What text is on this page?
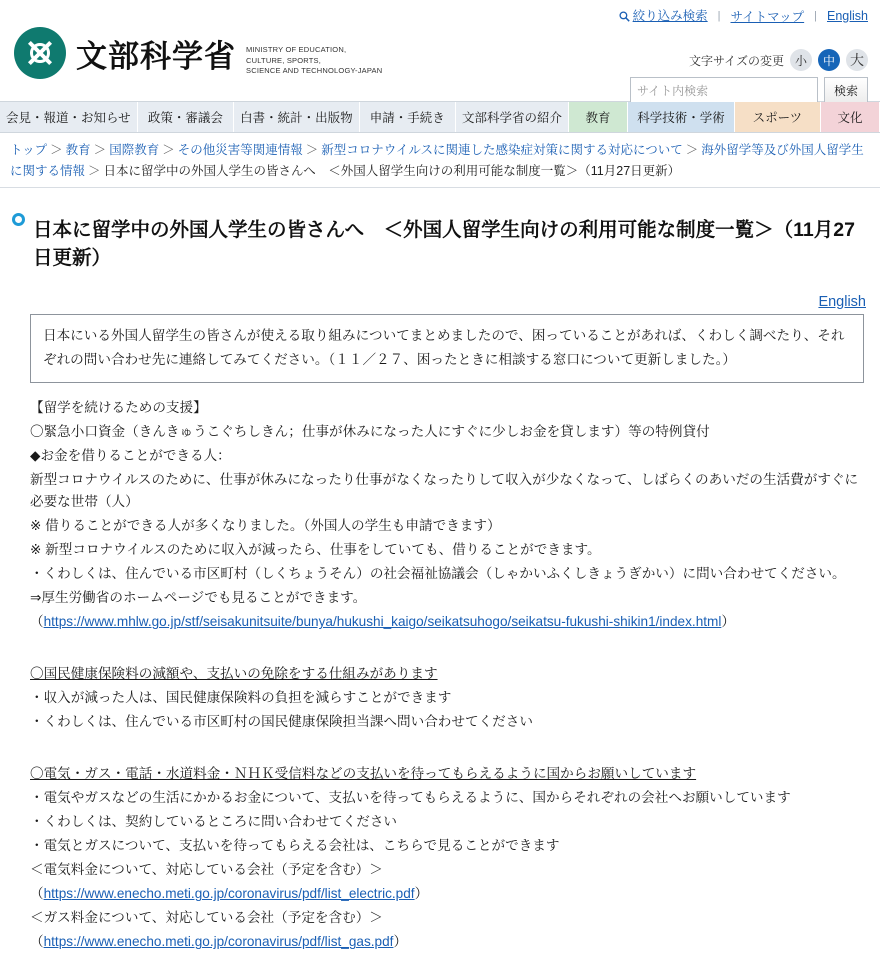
絞り込み検索 | サイトマップ | English
文部科学省 MINISTRY OF EDUCATION,
CULTURE, SPORTS,
SCIENCE AND TECHNOLOGY-JAPAN
文字サイズの変更 小	中	大
サイト内検索	検索
会見・報道・お知らせ	政策・審議会	白書・統計・出版物	申請・手続き	文部科学省の紹介	教育	科学技術・学術	スポーツ	文化
トップ ＞ 教育 ＞ 国際教育 ＞ その他災害等関連情報 ＞ 新型コロナウイルスに関連した感染症対策に関する対応について ＞ 海外留学等及び外国人留学生に関する情報 ＞ 日本に留学中の外国人学生の皆さんへ　＜外国人留学生向けの利用可能な制度一覧＞（11月27日更新）
日本に留学中の外国人学生の皆さんへ　＜外国人留学生向けの利用可能な制度一覧＞（11月27日更新）
English
日本にいる外国人留学生の皆さんが使える取り組みについてまとめましたので、困っていることがあれば、くわしく調べたり、それぞれの問い合わせ先に連絡してみてください。（１１／２７、困ったときに相談する窓口について更新しました。）

【留学を続けるための支援】

〇緊急小口資金（きんきゅうこぐちしきん；仕事が休みになった人にすぐに少しお金を貸します）等の特例貸付

◆お金を借りることができる人：

新型コロナウイルスのために、仕事が休みになったり仕事がなくなったりして収入が少なくなって、しばらくのあいだの生活費がすぐに必要な世帯（人）

※ 借りることができる人が多くなりました。（外国人の学生も申請できます）

※ 新型コロナウイルスのために収入が減ったら、仕事をしていても、借りることができます。

・くわしくは、住んでいる市区町村（しくちょうそん）の社会福祉協議会（しゃかいふくしきょうぎかい）に問い合わせてください。

⇒厚生労働省のホームページでも見ることができます。

（https://www.mhlw.go.jp/stf/seisakunitsuite/bunya/hukushi_kaigo/seikatsuhogo/seikatsu-fukushi-shikin1/index.html）

〇国民健康保険料の減額や、支払いの免除をする仕組みがあります

・収入が減った人は、国民健康保険料の負担を減らすことができます

・くわしくは、住んでいる市区町村の国民健康保険担当課へ問い合わせてください

〇電気・ガス・電話・水道料金・ＮＨＫ受信料などの支払いを待ってもらえるように国からお願いしています

・電気やガスなどの生活にかかるお金について、支払いを待ってもらえるように、国からそれぞれの会社へお願いしています

・くわしくは、契約しているところに問い合わせてください

・電気とガスについて、支払いを待ってもらえる会社は、こちらで見ることができます

＜電気料金について、対応している会社（予定を含む）＞

（https://www.enecho.meti.go.jp/coronavirus/pdf/list_electric.pdf）

＜ガス料金について、対応している会社（予定を含む）＞

（https://www.enecho.meti.go.jp/coronavirus/pdf/list_gas.pdf）
